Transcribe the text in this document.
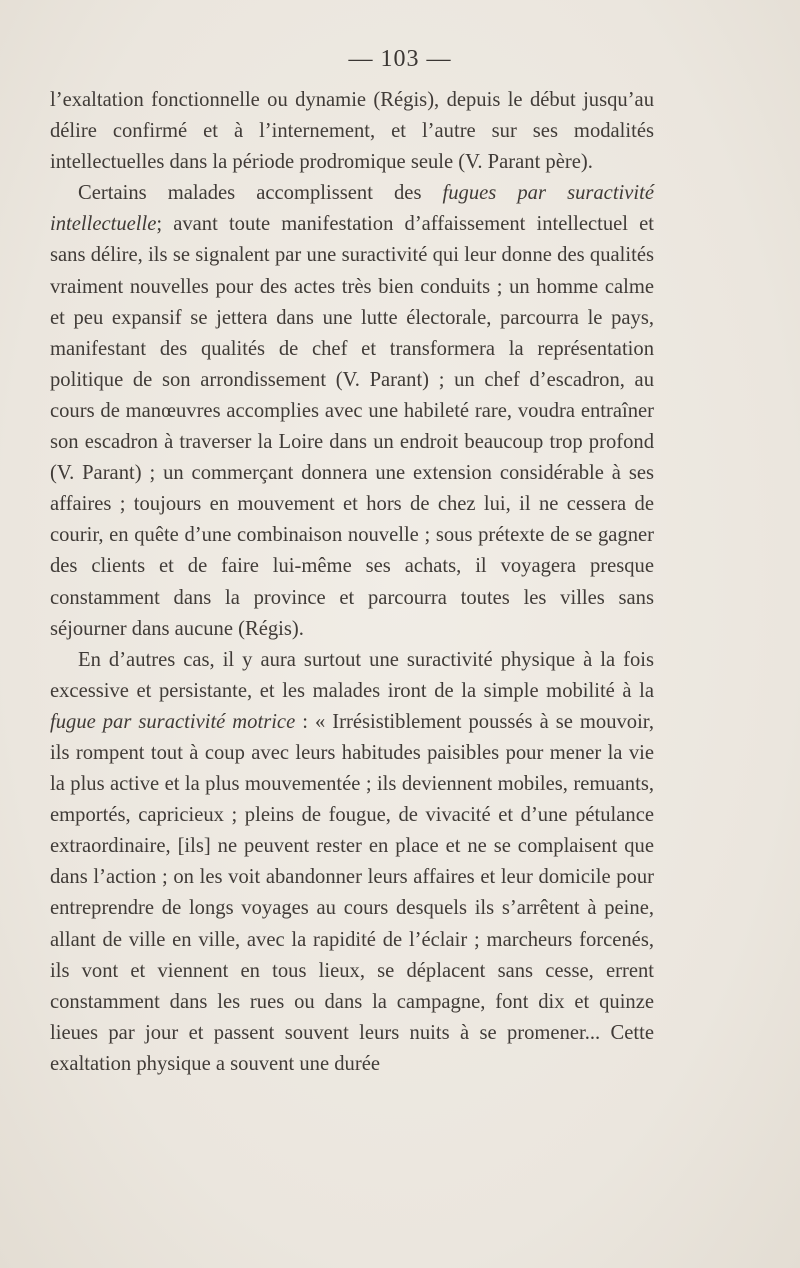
— 103 —

l’exaltation fonctionnelle ou dynamie (Régis), depuis le début jusqu’au délire confirmé et à l’internement, et l’autre sur ses modalités intellectuelles dans la période prodromique seule (V. Parant père).

Certains malades accomplissent des fugues par suractivité intellectuelle; avant toute manifestation d’affaissement intellectuel et sans délire, ils se signalent par une suractivité qui leur donne des qualités vraiment nouvelles pour des actes très bien conduits ; un homme calme et peu expansif se jettera dans une lutte électorale, parcourra le pays, manifestant des qualités de chef et transformera la représentation politique de son arrondissement (V. Parant) ; un chef d’escadron, au cours de manœuvres accomplies avec une habileté rare, voudra entraîner son escadron à traverser la Loire dans un endroit beaucoup trop profond (V. Parant) ; un commerçant donnera une extension considérable à ses affaires ; toujours en mouvement et hors de chez lui, il ne cessera de courir, en quête d’une combinaison nouvelle ; sous prétexte de se gagner des clients et de faire lui-même ses achats, il voyagera presque constamment dans la province et parcourra toutes les villes sans séjourner dans aucune (Régis).

En d’autres cas, il y aura surtout une suractivité physique à la fois excessive et persistante, et les malades iront de la simple mobilité à la fugue par suractivité motrice : « Irrésistiblement poussés à se mouvoir, ils rompent tout à coup avec leurs habitudes paisibles pour mener la vie la plus active et la plus mouvementée ; ils deviennent mobiles, remuants, emportés, capricieux ; pleins de fougue, de vivacité et d’une pétulance extraordinaire, [ils] ne peuvent rester en place et ne se complaisent que dans l’action ; on les voit abandonner leurs affaires et leur domicile pour entreprendre de longs voyages au cours desquels ils s’arrêtent à peine, allant de ville en ville, avec la rapidité de l’éclair ; marcheurs forcenés, ils vont et viennent en tous lieux, se déplacent sans cesse, errent constamment dans les rues ou dans la campagne, font dix et quinze lieues par jour et passent souvent leurs nuits à se promener... Cette exaltation physique a souvent une durée
